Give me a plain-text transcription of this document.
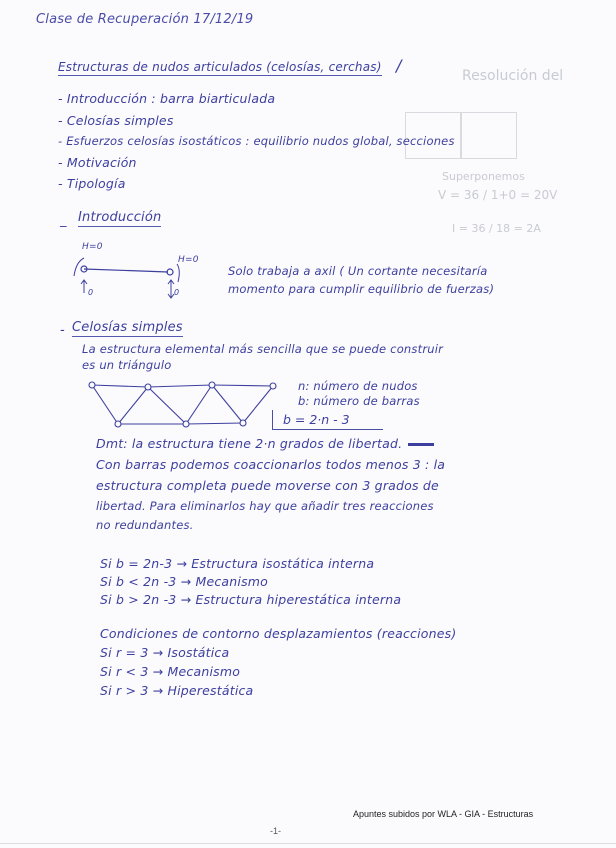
Resolución del
Superponemos
V = 36 / 1+0 = 20V
I = 36 / 18 = 2A
Clase de Recuperación 17/12/19
Estructuras de nudos articulados (celosías, cerchas) /
- Introducción : barra biarticulada
- Celosías simples
- Esfuerzos celosías isostáticos : equilibrio nudos global, secciones
- Motivación
- Tipología
_ Introducción
H=0
H=0
0	0
Solo trabaja a axil ( Un cortante necesitaría
momento para cumplir equilibrio de fuerzas)
- Celosías simples
La estructura elemental más sencilla que se puede construir
es un triángulo
n: número de nudos
b: número de barras
b = 2·n - 3
Dmt: la estructura tiene 2·n grados de libertad.
Con barras podemos coaccionarlos todos menos 3 : la
estructura completa puede moverse con 3 grados de
libertad. Para eliminarlos hay que añadir tres reacciones
no redundantes.
Si b = 2n-3 → Estructura isostática interna
Si b < 2n -3 → Mecanismo
Si b > 2n -3 → Estructura hiperestática interna
Condiciones de contorno desplazamientos (reacciones)
Si r = 3 → Isostática
Si r < 3 → Mecanismo
Si r > 3 → Hiperestática
Apuntes subidos por WLA - GIA - Estructuras
-1-
